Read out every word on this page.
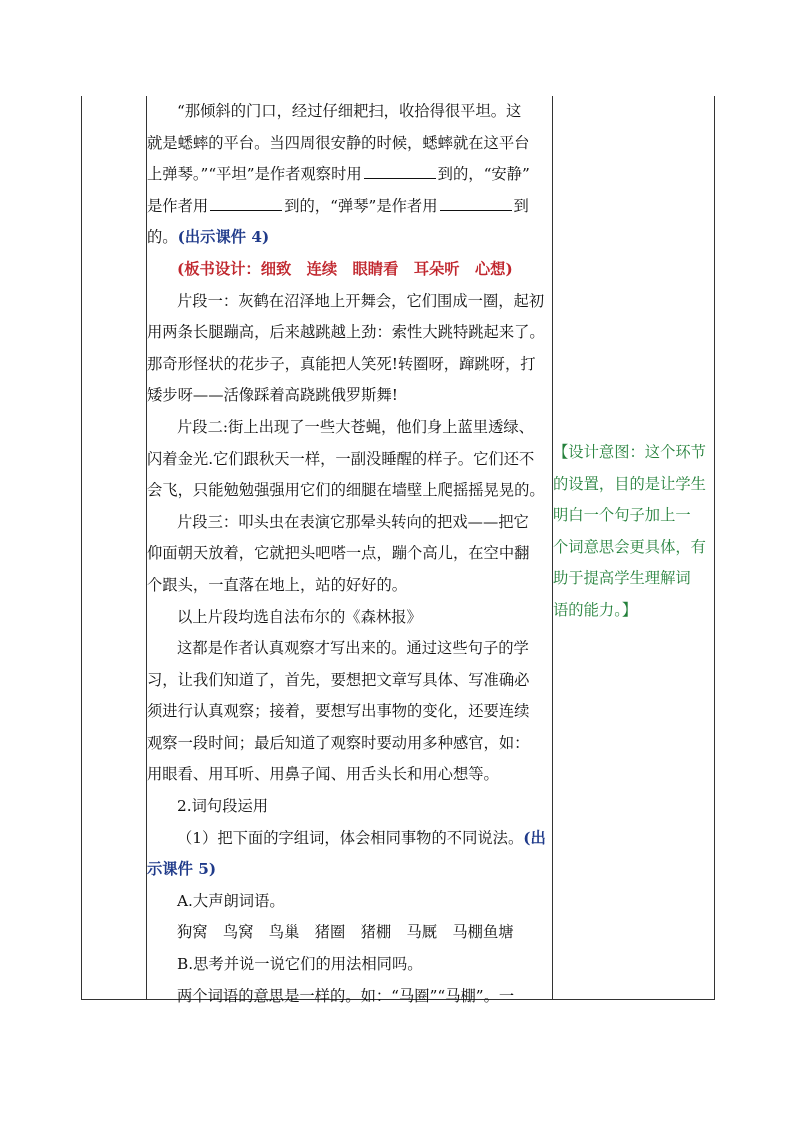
“那倾斜的门口，经过仔细耙扫，收拾得很平坦。这
就是蟋蟀的平台。当四周很安静的时候，蟋蟀就在这平台
上弹琴。”“平坦”是作者观察时用	到的，“安静”
是作者用	到的，“弹琴”是作者用	到
的。(出示课件 4)
(板书设计：细致　连续　眼睛看　耳朵听　心想)
片段一：灰鹤在沼泽地上开舞会，它们围成一圈，起初
用两条长腿蹦高，后来越跳越上劲：索性大跳特跳起来了。
那奇形怪状的花步子，真能把人笑死!转圈呀，蹿跳呀，打
矮步呀——活像踩着高跷跳俄罗斯舞!
片段二:街上出现了一些大苍蝇，他们身上蓝里透绿、
闪着金光.它们跟秋天一样，一副没睡醒的样子。它们还不
会飞，只能勉勉强强用它们的细腿在墙壁上爬摇摇晃晃的。
片段三：叩头虫在表演它那晕头转向的把戏——把它
仰面朝天放着，它就把头吧嗒一点，蹦个高儿，在空中翻
个跟头，一直落在地上，站的好好的。
以上片段均选自法布尔的《森林报》
这都是作者认真观察才写出来的。通过这些句子的学
习，让我们知道了，首先，要想把文章写具体、写准确必
须进行认真观察；接着，要想写出事物的变化，还要连续
观察一段时间；最后知道了观察时要动用多种感官，如：
用眼看、用耳听、用鼻子闻、用舌头长和用心想等。
2.词句段运用
（1）把下面的字组词，体会相同事物的不同说法。(出
示课件 5)
A.大声朗词语。
狗窝　鸟窝　鸟巢　猪圈　猪棚　马厩　马棚鱼塘
B.思考并说一说它们的用法相同吗。
两个词语的意思是一样的。如：“马圈”“马棚”。一
【设计意图：这个环节
的设置，目的是让学生
明白一个句子加上一
个词意思会更具体，有
助于提高学生理解词
语的能力。】
